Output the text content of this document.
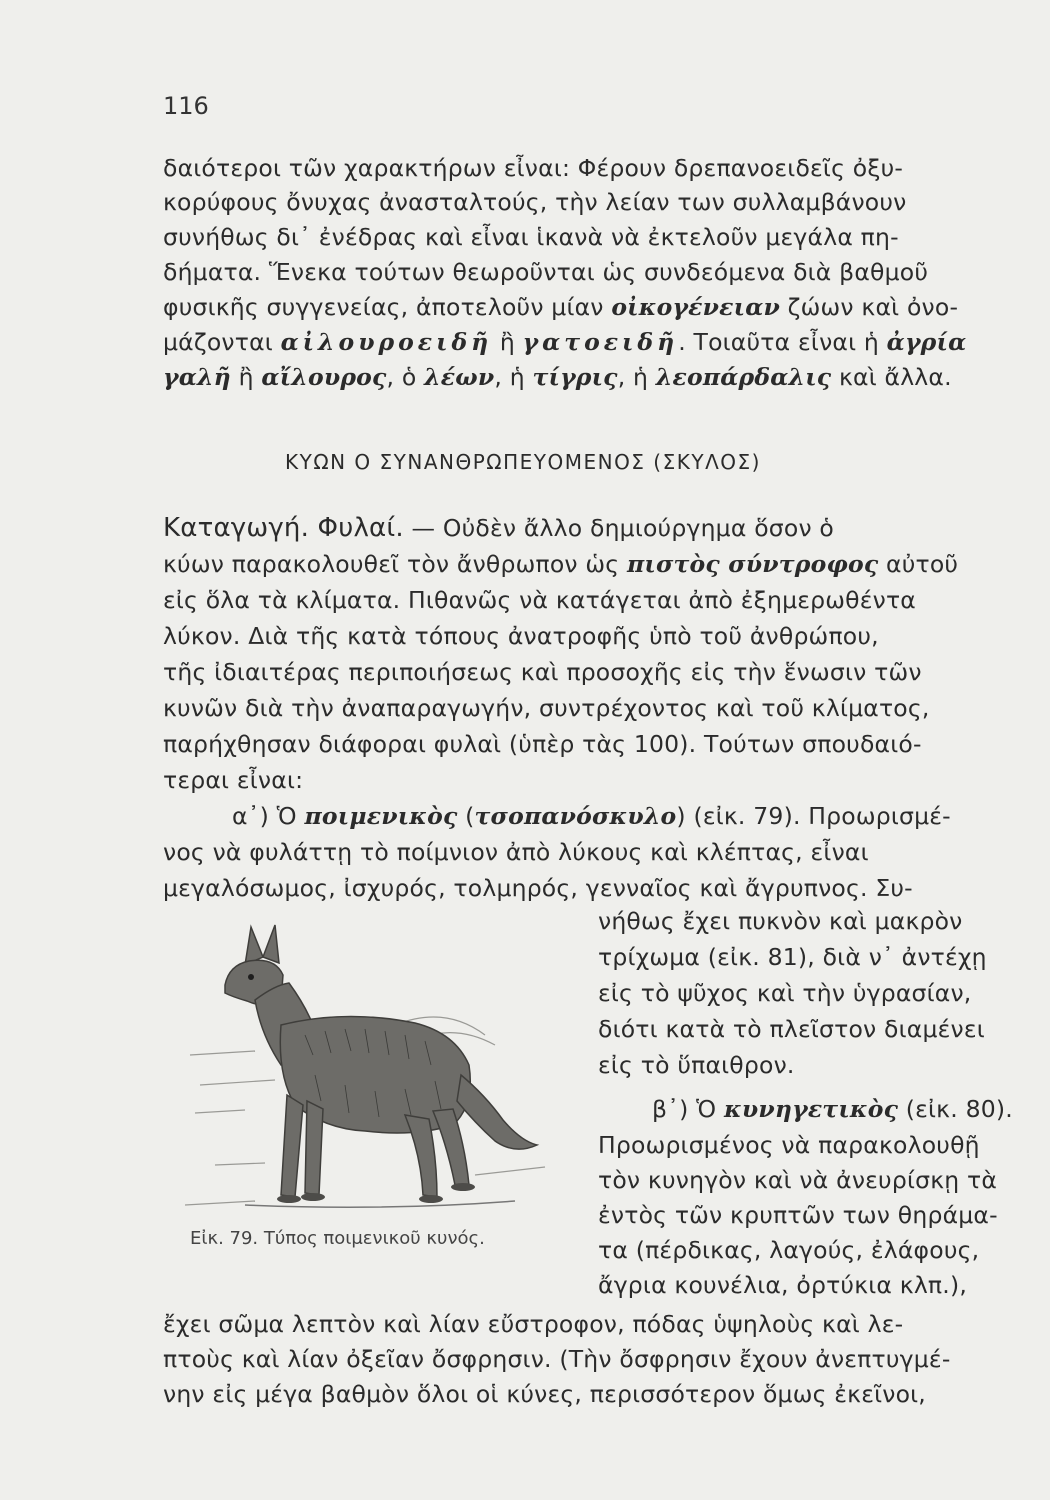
116
δαιότεροι τῶν χαρακτήρων εἶναι: Φέρουν δρεπανοειδεῖς ὀξυ-
κορύφους ὄνυχας ἀνασταλτούς, τὴν λείαν των συλλαμβάνουν
συνήθως δι᾽ ἐνέδρας καὶ εἶναι ἱκανὰ νὰ ἐκτελοῦν μεγάλα πη-
δήματα. Ἕνεκα τούτων θεωροῦνται ὡς συνδεόμενα διὰ βαθμοῦ
φυσικῆς συγγενείας, ἀποτελοῦν μίαν οἰκογένειαν ζώων καὶ ὀνο-
μάζονται αἰλουροειδῆ ἢ γατοειδῆ. Τοιαῦτα εἶναι ἡ ἀγρία
γαλῆ ἢ αἴλουρος, ὁ λέων, ἡ τίγρις, ἡ λεοπάρδαλις καὶ ἄλλα.
ΚΥΩΝ Ο ΣΥΝΑΝΘΡΩΠΕΥΟΜΕΝΟΣ (ΣΚΥΛΟΣ)
Καταγωγή. Φυλαί. — Οὐδὲν ἄλλο δημιούργημα ὅσον ὁ
κύων παρακολουθεῖ τὸν ἄνθρωπον ὡς πιστὸς σύντροφος αὐτοῦ
εἰς ὅλα τὰ κλίματα. Πιθανῶς νὰ κατάγεται ἀπὸ ἐξημερωθέντα
λύκον. Διὰ τῆς κατὰ τόπους ἀνατροφῆς ὑπὸ τοῦ ἀνθρώπου,
τῆς ἰδιαιτέρας περιποιήσεως καὶ προσοχῆς εἰς τὴν ἕνωσιν τῶν
κυνῶν διὰ τὴν ἀναπαραγωγήν, συντρέχοντος καὶ τοῦ κλίματος,
παρήχθησαν διάφοραι φυλαὶ (ὑπὲρ τὰς 100). Τούτων σπουδαιό-
τεραι εἶναι:
α᾽) Ὁ ποιμενικὸς (τσοπανόσκυλο) (εἰκ. 79). Προωρισμέ-
νος νὰ φυλάττῃ τὸ ποίμνιον ἀπὸ λύκους καὶ κλέπτας, εἶναι
μεγαλόσωμος, ἰσχυρός, τολμηρός, γενναῖος καὶ ἄγρυπνος. Συ-
νήθως ἔχει πυκνὸν καὶ μακρὸν
τρίχωμα (εἰκ. 81), διὰ ν᾽ ἀντέχῃ
εἰς τὸ ψῦχος καὶ τὴν ὑγρασίαν,
διότι κατὰ τὸ πλεῖστον διαμένει
εἰς τὸ ὕπαιθρον.
β᾽) Ὁ κυνηγετικὸς (εἰκ. 80).
Προωρισμένος νὰ παρακολουθῇ
τὸν κυνηγὸν καὶ νὰ ἀνευρίσκῃ τὰ
ἐντὸς τῶν κρυπτῶν των θηράμα-
τα (πέρδικας, λαγούς, ἐλάφους,
ἄγρια κουνέλια, ὀρτύκια κλπ.),
ἔχει σῶμα λεπτὸν καὶ λίαν εὔστροφον, πόδας ὑψηλοὺς καὶ λε-
πτοὺς καὶ λίαν ὀξεῖαν ὄσφρησιν. (Τὴν ὄσφρησιν ἔχουν ἀνεπτυγμέ-
νην εἰς μέγα βαθμὸν ὅλοι οἱ κύνες, περισσότερον ὅμως ἐκεῖνοι,
Εἰκ. 79. Τύπος ποιμενικοῦ κυνός.
